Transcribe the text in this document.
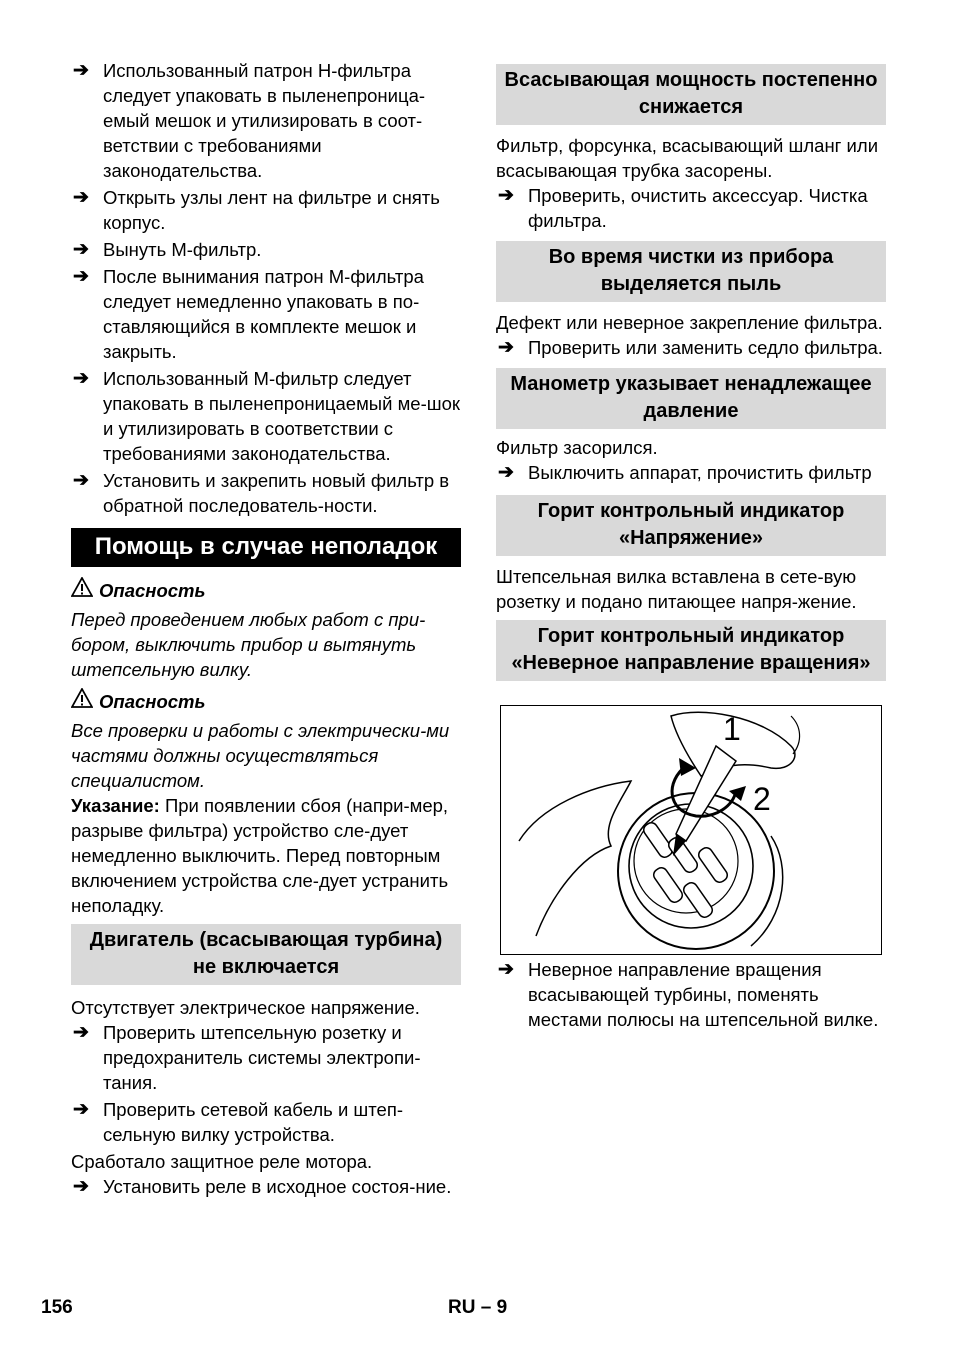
➔ Использованный патрон Н-фильтра следует упаковать в пыленепроница-емый мешок и утилизировать в соот-ветствии с требованиями законодательства.

➔ Открыть узлы лент на фильтре и снять корпус.

➔ Вынуть М-фильтр.

➔ После вынимания патрон М-фильтра следует немедленно упаковать в по-ставляющийся в комплекте мешок и закрыть.

➔ Использованный М-фильтр следует упаковать в пыленепроницаемый ме-шок и утилизировать в соответствии с требованиями законодательства.

➔ Установить и закрепить новый фильтр в обратной последователь-ности.

Помощь в случае неполадок
Опасность

Перед проведением любых работ с при-бором, выключить прибор и вытянуть штепсельную вилку.

Опасность

Все проверки и работы с электрически-ми частями должны осуществляться специалистом.

Указание: При появлении сбоя (напри-мер, разрыве фильтра) устройство сле-дует немедленно выключить. Перед повторным включением устройства сле-дует устранить неполадку.

Двигатель (всасывающая турбина) не включается

Отсутствует электрическое напряжение.

➔ Проверить штепсельную розетку и предохранитель системы электропи-тания.

➔ Проверить сетевой кабель и штеп-сельную вилку устройства.

Сработало защитное реле мотора.

➔ Установить реле в исходное состоя-ние.

Всасывающая мощность постепенно снижается

Фильтр, форсунка, всасывающий шланг или всасывающая трубка засорены.

➔ Проверить, очистить аксессуар. Чистка фильтра.

Во время чистки из прибора выделяется пыль

Дефект или неверное закрепление фильтра.

➔ Проверить или заменить седло фильтра.

Манометр указывает ненадлежащее давление

Фильтр засорился.

➔ Выключить аппарат, прочистить фильтр

Горит контрольный индикатор «Напряжение»

Штепсельная вилка вставлена в сете-вую розетку и подано питающее напря-жение.

Горит контрольный индикатор «Неверное направление вращения»
1
2

➔ Неверное направление вращения всасывающей турбины, поменять местами полюсы на штепсельной вилке.

156	RU – 9
